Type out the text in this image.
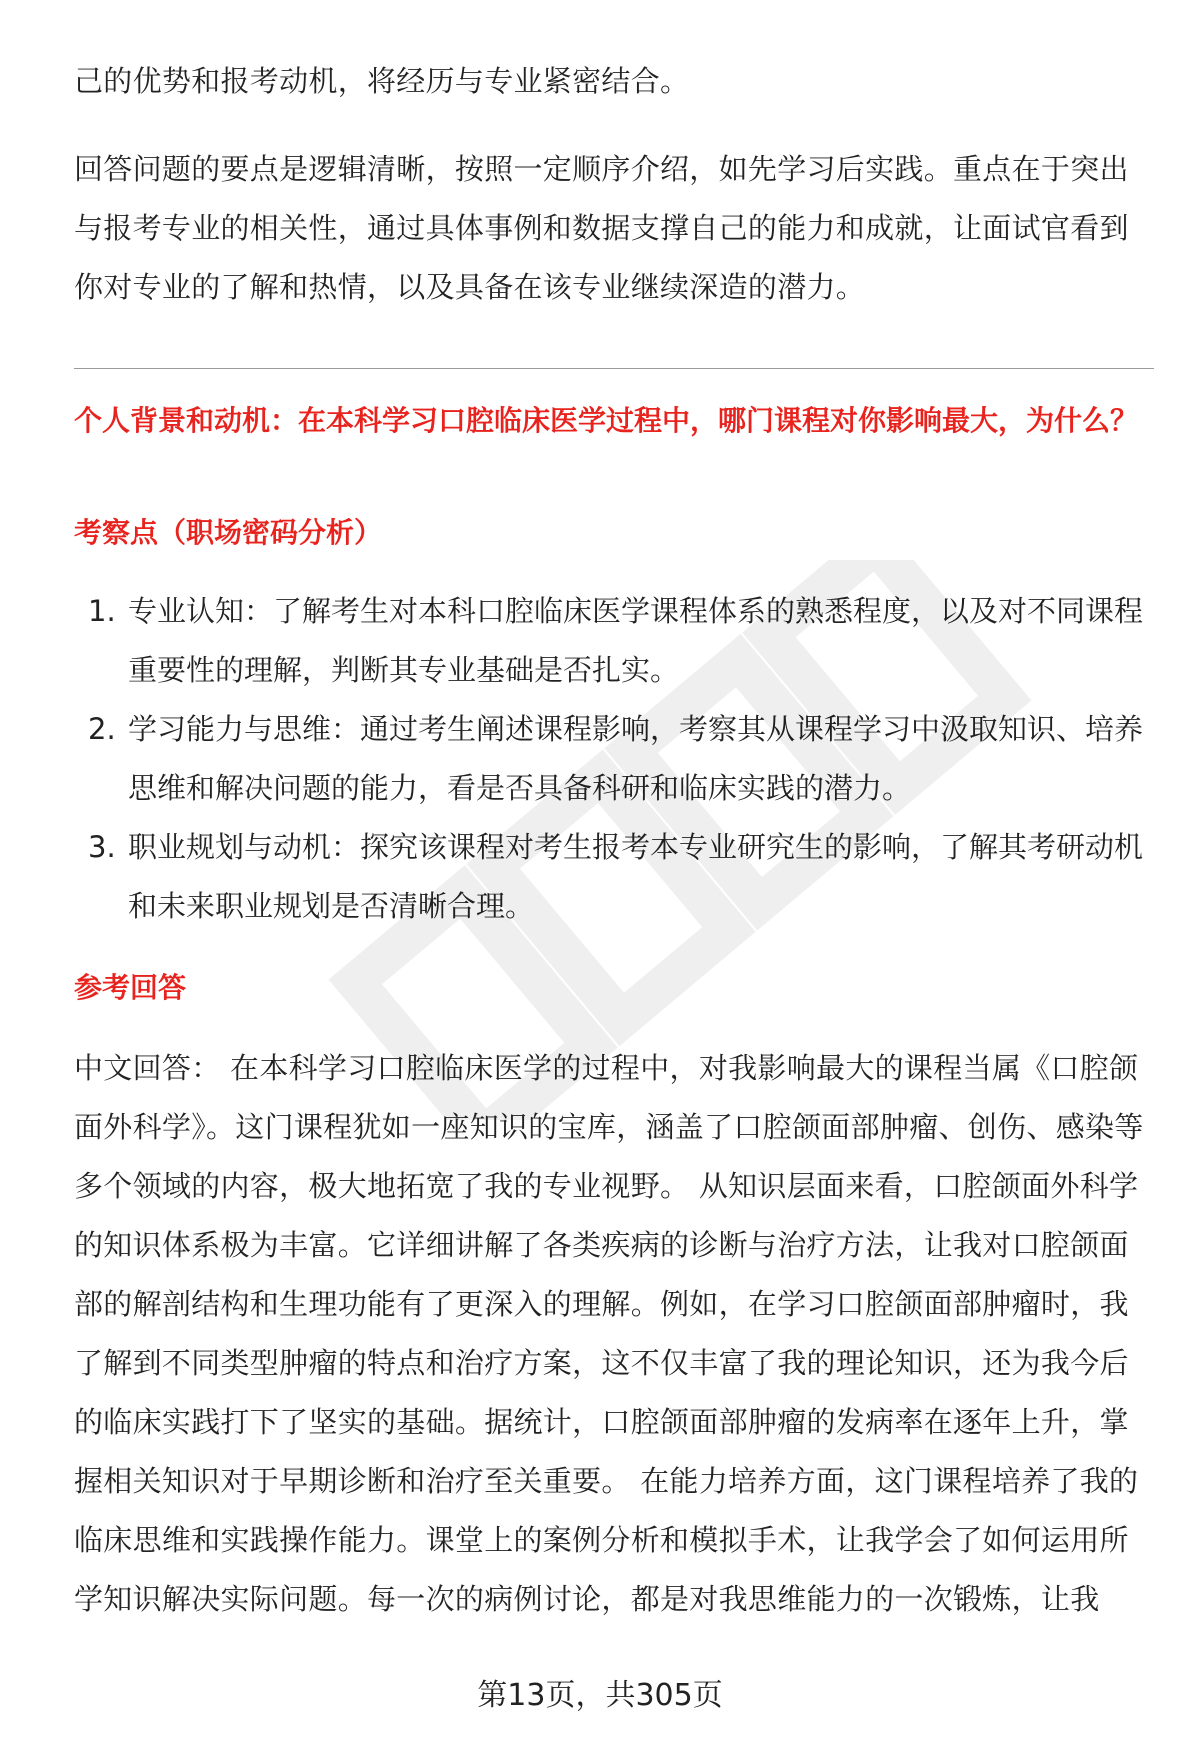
己的优势和报考动机，将经历与专业紧密结合。

回答问题的要点是逻辑清晰，按照一定顺序介绍，如先学习后实践。重点在于突出与报考专业的相关性，通过具体事例和数据支撑自己的能力和成就，让面试官看到你对专业的了解和热情，以及具备在该专业继续深造的潜力。

个人背景和动机：在本科学习口腔临床医学过程中，哪门课程对你影响最大，为什么？

考察点（职场密码分析）

1. 专业认知：了解考生对本科口腔临床医学课程体系的熟悉程度，以及对不同课程重要性的理解，判断其专业基础是否扎实。
2. 学习能力与思维：通过考生阐述课程影响，考察其从课程学习中汲取知识、培养思维和解决问题的能力，看是否具备科研和临床实践的潜力。
3. 职业规划与动机：探究该课程对考生报考本专业研究生的影响，了解其考研动机和未来职业规划是否清晰合理。

参考回答

中文回答： 在本科学习口腔临床医学的过程中，对我影响最大的课程当属《口腔颌面外科学》。这门课程犹如一座知识的宝库，涵盖了口腔颌面部肿瘤、创伤、感染等多个领域的内容，极大地拓宽了我的专业视野。 从知识层面来看，口腔颌面外科学的知识体系极为丰富。它详细讲解了各类疾病的诊断与治疗方法，让我对口腔颌面部的解剖结构和生理功能有了更深入的理解。例如，在学习口腔颌面部肿瘤时，我了解到不同类型肿瘤的特点和治疗方案，这不仅丰富了我的理论知识，还为我今后的临床实践打下了坚实的基础。据统计，口腔颌面部肿瘤的发病率在逐年上升，掌握相关知识对于早期诊断和治疗至关重要。 在能力培养方面，这门课程培养了我的临床思维和实践操作能力。课堂上的案例分析和模拟手术，让我学会了如何运用所学知识解决实际问题。每一次的病例讨论，都是对我思维能力的一次锻炼，让我

第13页，共305页
